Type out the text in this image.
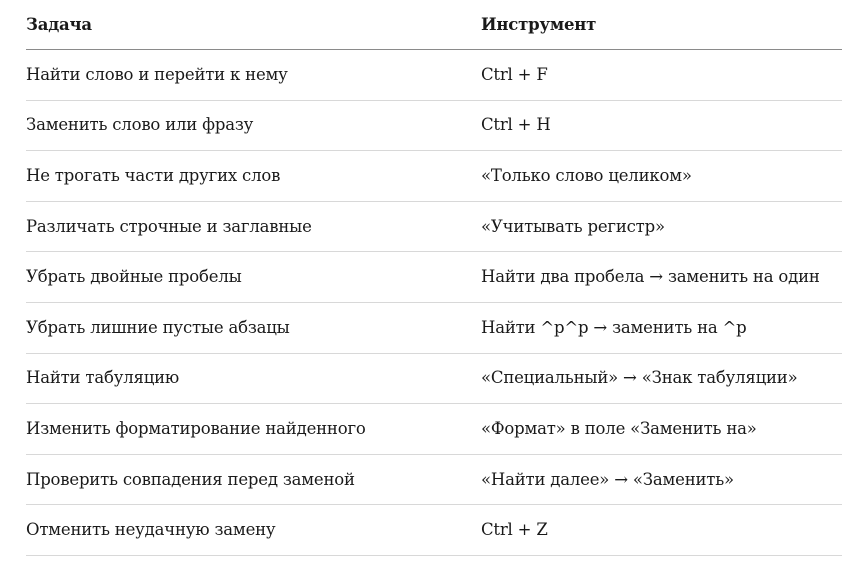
Задача	Инструмент
Найти слово и перейти к нему	Ctrl + F
Заменить слово или фразу	Ctrl + H
Не трогать части других слов	«Только слово целиком»
Различать строчные и заглавные	«Учитывать регистр»
Убрать двойные пробелы	Найти два пробела → заменить на один
Убрать лишние пустые абзацы	Найти ^p^p → заменить на ^p
Найти табуляцию	«Специальный» → «Знак табуляции»
Изменить форматирование найденного	«Формат» в поле «Заменить на»
Проверить совпадения перед заменой	«Найти далее» → «Заменить»
Отменить неудачную замену	Ctrl + Z
